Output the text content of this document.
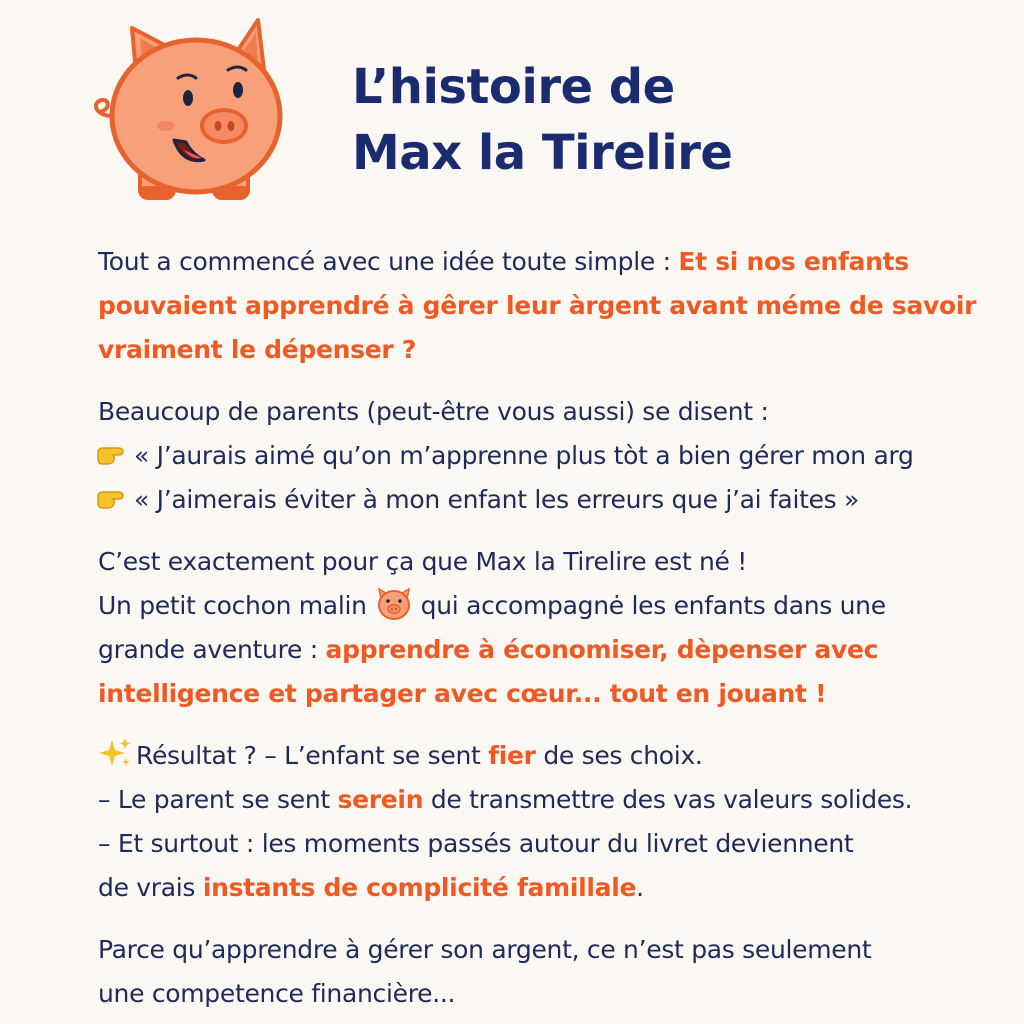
L’histoire de
Max la Tirelire

Tout a commencé avec une idée toute simple : Et si nos enfants
pouvaient apprendré à gêrer leur àrgent avant méme de savoir
vraiment le dépenser ?

Beaucoup de parents (peut-être vous aussi) se disent :
« J’aurais aimé qu’on m’apprenne plus tòt a bien gérer mon arg
« J’aimerais éviter à mon enfant les erreurs que j’ai faites »

C’est exactement pour ça que Max la Tirelire est né !
Un petit cochon malin qui accompagnė les enfants dans une
grande aventure : apprendre à économiser, dèpenser avec
intelligence et partager avec cœur... tout en jouant !

Résultat ? – L’enfant se sent fier de ses choix.
– Le parent se sent serein de transmettre des vas valeurs solides.
– Et surtout : les moments passés autour du livret deviennent
de vrais instants de complicité famillale.

Parce qu’apprendre à gérer son argent, ce n’est pas seulement
une competence financière...
